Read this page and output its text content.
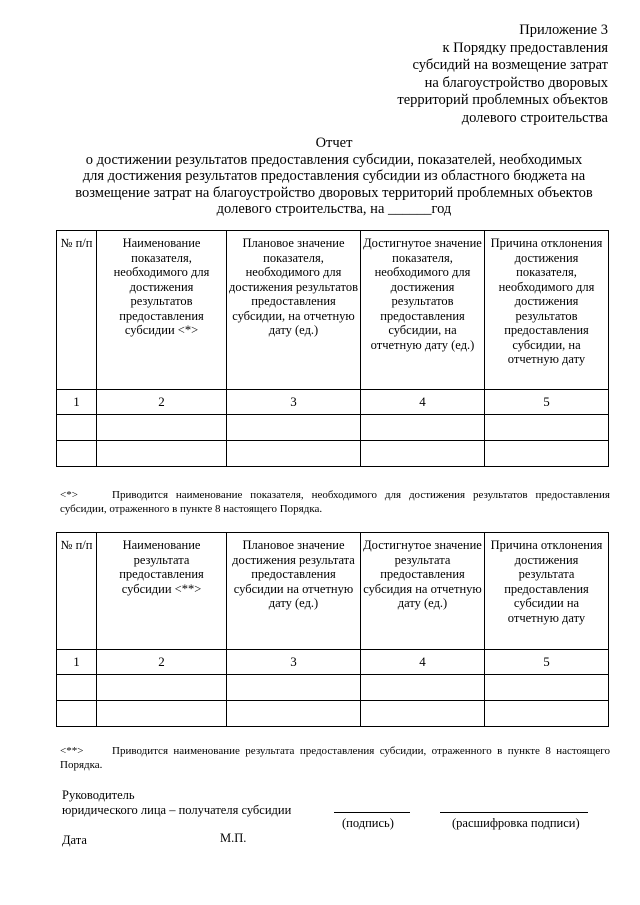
Приложение 3
к Порядку предоставления
субсидий на возмещение затрат
на благоустройство дворовых
территорий проблемных объектов
долевого строительства
Отчет
о достижении результатов предоставления субсидии, показателей, необходимых
для достижения результатов предоставления субсидии из областного бюджета на
возмещение затрат на благоустройство дворовых территорий проблемных объектов
долевого строительства, на ______год
№ п/п	Наименование показателя, необходимого для достижения результатов предоставления субсидии <*>	Плановое значение показателя, необходимого для достижения результатов предоставления субсидии, на отчетную дату (ед.)	Достигнутое значение показателя, необходимого для достижения результатов предоставления субсидии, на отчетную дату (ед.)	Причина отклонения достижения показателя, необходимого для достижения результатов предоставления субсидии, на отчетную дату
1	2	3	4	5

<*>	Приводится наименование показателя, необходимого для достижения результатов предоставления субсидии, отраженного в пункте 8 настоящего Порядка.
№ п/п	Наименование результата предоставления субсидии <**>	Плановое значение достижения результата предоставления субсидии на отчетную дату (ед.)	Достигнутое значение результата предоставления субсидия на отчетную дату (ед.)	Причина отклонения достижения результата предоставления субсидии на отчетную дату
1	2	3	4	5

<**>	Приводится наименование результата предоставления субсидии, отраженного в пункте 8 настоящего Порядка.
Руководитель
юридического лица – получателя субсидии
(подпись)	(расшифровка подписи)
Дата	М.П.
